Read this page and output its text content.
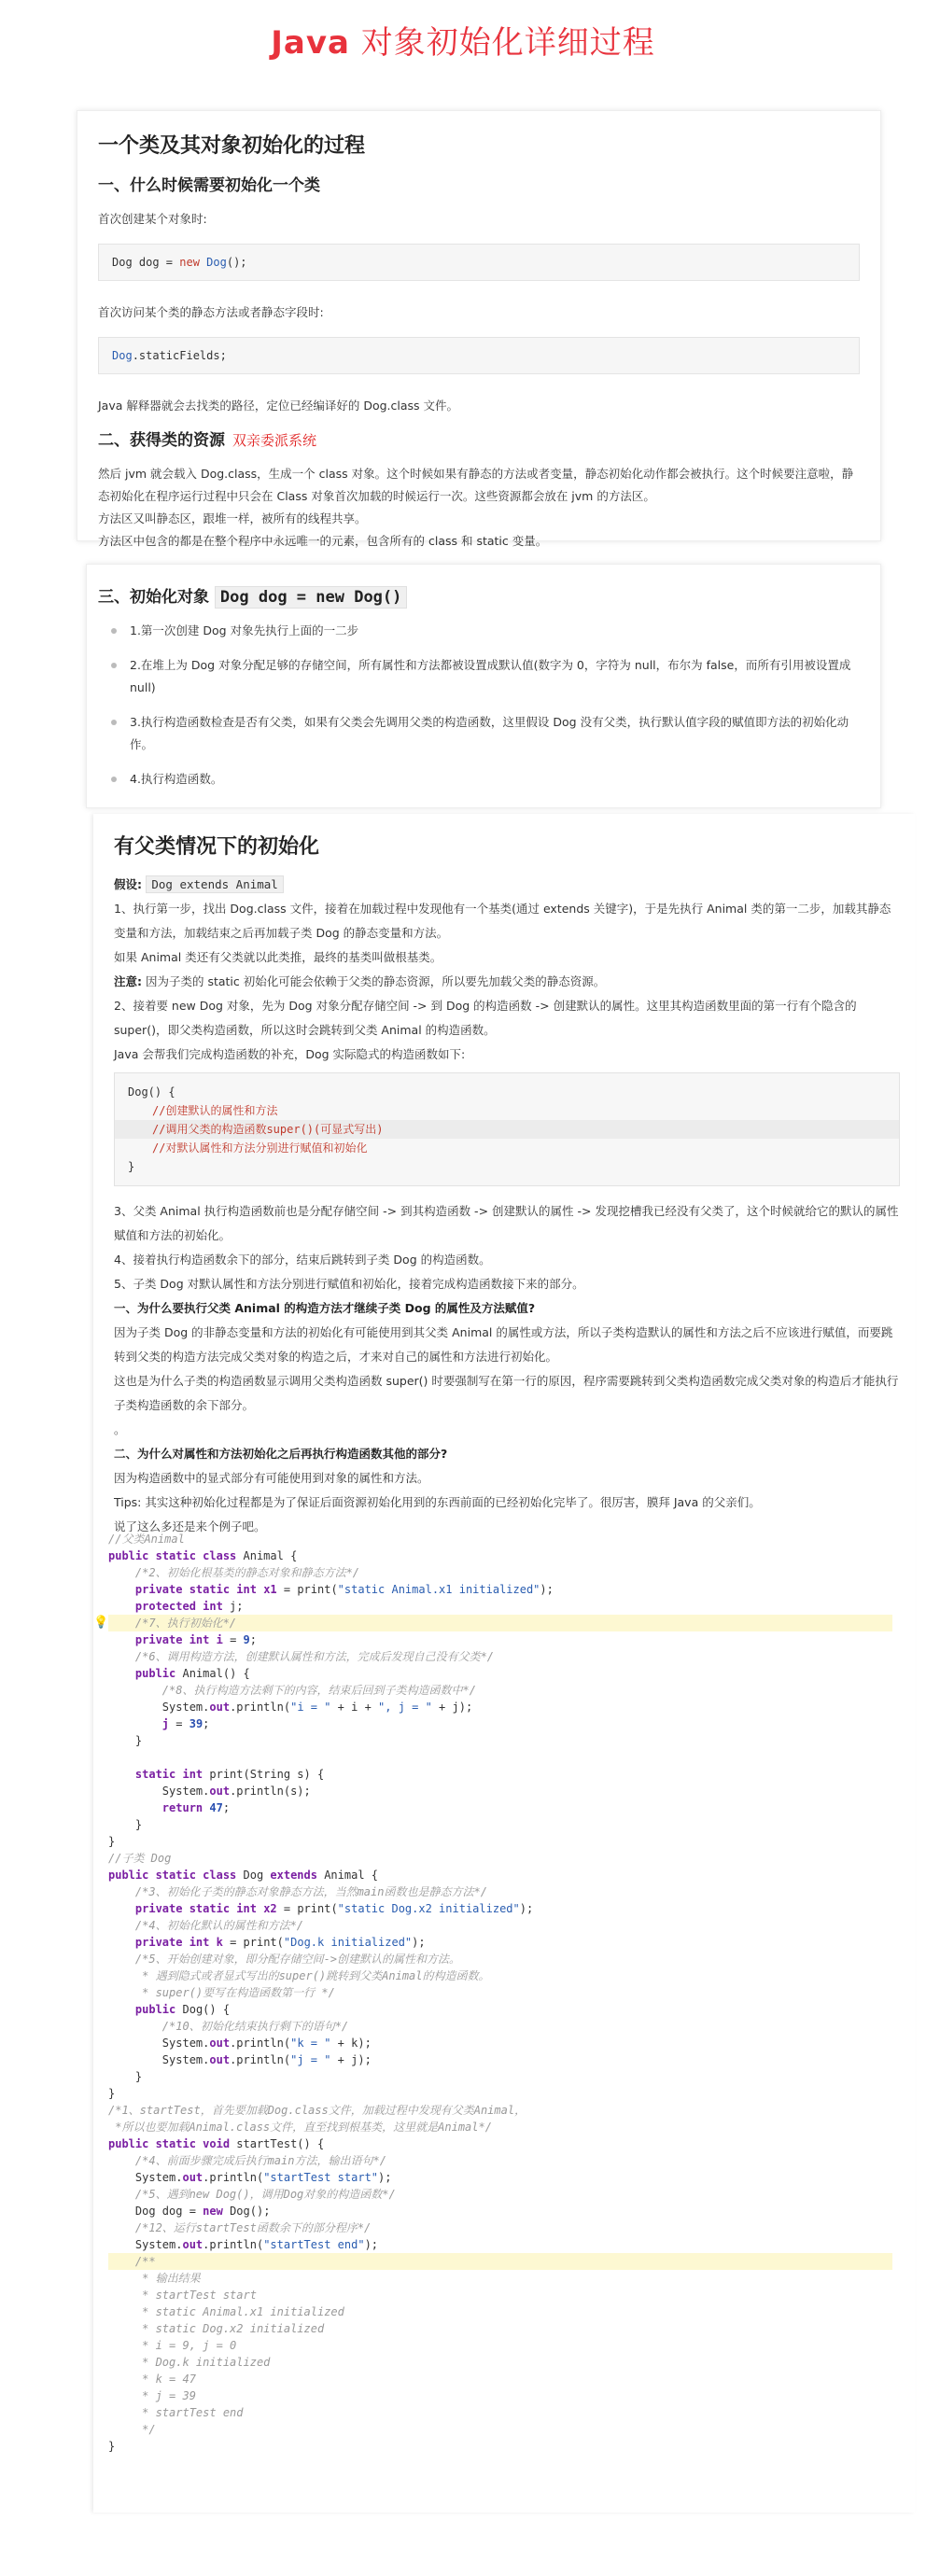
Java 对象初始化详细过程
一个类及其对象初始化的过程
一、什么时候需要初始化一个类

首次创建某个对象时:

Dog dog = new Dog();

首次访问某个类的静态方法或者静态字段时:

Dog.staticFields;

Java 解释器就会去找类的路径，定位已经编译好的 Dog.class 文件。

二、获得类的资源 双亲委派系统

然后 jvm 就会载入 Dog.class，生成一个 class 对象。这个时候如果有静态的方法或者变量，静态初始化动作都会被执行。这个时候要注意啦，静态初始化在程序运行过程中只会在 Class 对象首次加载的时候运行一次。这些资源都会放在 jvm 的方法区。

方法区又叫静态区，跟堆一样，被所有的线程共享。

方法区中包含的都是在整个程序中永远唯一的元素，包含所有的 class 和 static 变量。

三、初始化对象 Dog dog = new Dog()
1.第一次创建 Dog 对象先执行上面的一二步
2.在堆上为 Dog 对象分配足够的存储空间，所有属性和方法都被设置成默认值(数字为 0，字符为 null，布尔为 false，而所有引用被设置成 null)
3.执行构造函数检查是否有父类，如果有父类会先调用父类的构造函数，这里假设 Dog 没有父类，执行默认值字段的赋值即方法的初始化动作。
4.执行构造函数。
有父类情况下的初始化

假设: Dog extends Animal

1、执行第一步，找出 Dog.class 文件，接着在加载过程中发现他有一个基类(通过 extends 关键字)，于是先执行 Animal 类的第一二步，加载其静态变量和方法，加载结束之后再加载子类 Dog 的静态变量和方法。

如果 Animal 类还有父类就以此类推，最终的基类叫做根基类。

注意: 因为子类的 static 初始化可能会依赖于父类的静态资源，所以要先加载父类的静态资源。

2、接着要 new Dog 对象，先为 Dog 对象分配存储空间 -> 到 Dog 的构造函数 -> 创建默认的属性。这里其构造函数里面的第一行有个隐含的 super()，即父类构造函数，所以这时会跳转到父类 Animal 的构造函数。

Java 会帮我们完成构造函数的补充，Dog 实际隐式的构造函数如下:

Dog() {
//创建默认的属性和方法
//调用父类的构造函数super()(可显式写出)
//对默认属性和方法分别进行赋值和初始化
}

3、父类 Animal 执行构造函数前也是分配存储空间 -> 到其构造函数 -> 创建默认的属性 -> 发现挖槽我已经没有父类了，这个时候就给它的默认的属性赋值和方法的初始化。

4、接着执行构造函数余下的部分，结束后跳转到子类 Dog 的构造函数。

5、子类 Dog 对默认属性和方法分别进行赋值和初始化，接着完成构造函数接下来的部分。

一、为什么要执行父类 Animal 的构造方法才继续子类 Dog 的属性及方法赋值?

因为子类 Dog 的非静态变量和方法的初始化有可能使用到其父类 Animal 的属性或方法，所以子类构造默认的属性和方法之后不应该进行赋值，而要跳转到父类的构造方法完成父类对象的构造之后，才来对自己的属性和方法进行初始化。

这也是为什么子类的构造函数显示调用父类构造函数 super() 时要强制写在第一行的原因，程序需要跳转到父类构造函数完成父类对象的构造后才能执行子类构造函数的余下部分。

。

二、为什么对属性和方法初始化之后再执行构造函数其他的部分?

因为构造函数中的显式部分有可能使用到对象的属性和方法。

Tips: 其实这种初始化过程都是为了保证后面资源初始化用到的东西前面的已经初始化完毕了。很厉害，膜拜 Java 的父亲们。

说了这么多还是来个例子吧。

//父类Animal
public static class Animal {
/*2、初始化根基类的静态对象和静态方法*/
private static int x1 = print("static Animal.x1 initialized");
protected int j;
💡 /*7、执行初始化*/
private int i = 9;
/*6、调用构造方法，创建默认属性和方法，完成后发现自己没有父类*/
public Animal() {
/*8、执行构造方法剩下的内容，结束后回到子类构造函数中*/
System.out.println("i = " + i + ", j = " + j);
j = 39;
}
static int print(String s) {
System.out.println(s);
return 47;
}
}
//子类 Dog
public static class Dog extends Animal {
/*3、初始化子类的静态对象静态方法，当然main函数也是静态方法*/
private static int x2 = print("static Dog.x2 initialized");
/*4、初始化默认的属性和方法*/
private int k = print("Dog.k initialized");
/*5、开始创建对象，即分配存储空间->创建默认的属性和方法。
* 遇到隐式或者显式写出的super()跳转到父类Animal的构造函数。
* super()要写在构造函数第一行 */
public Dog() {
/*10、初始化结束执行剩下的语句*/
System.out.println("k = " + k);
System.out.println("j = " + j);
}
}
/*1、startTest，首先要加载Dog.class文件，加载过程中发现有父类Animal，
*所以也要加载Animal.class文件，直至找到根基类，这里就是Animal*/
public static void startTest() {
/*4、前面步骤完成后执行main方法，输出语句*/
System.out.println("startTest start");
/*5、遇到new Dog()，调用Dog对象的构造函数*/
Dog dog = new Dog();
/*12、运行startTest函数余下的部分程序*/
System.out.println("startTest end");
/**
* 输出结果
* startTest start
* static Animal.x1 initialized
* static Dog.x2 initialized
* i = 9, j = 0
* Dog.k initialized
* k = 47
* j = 39
* startTest end
*/
}
